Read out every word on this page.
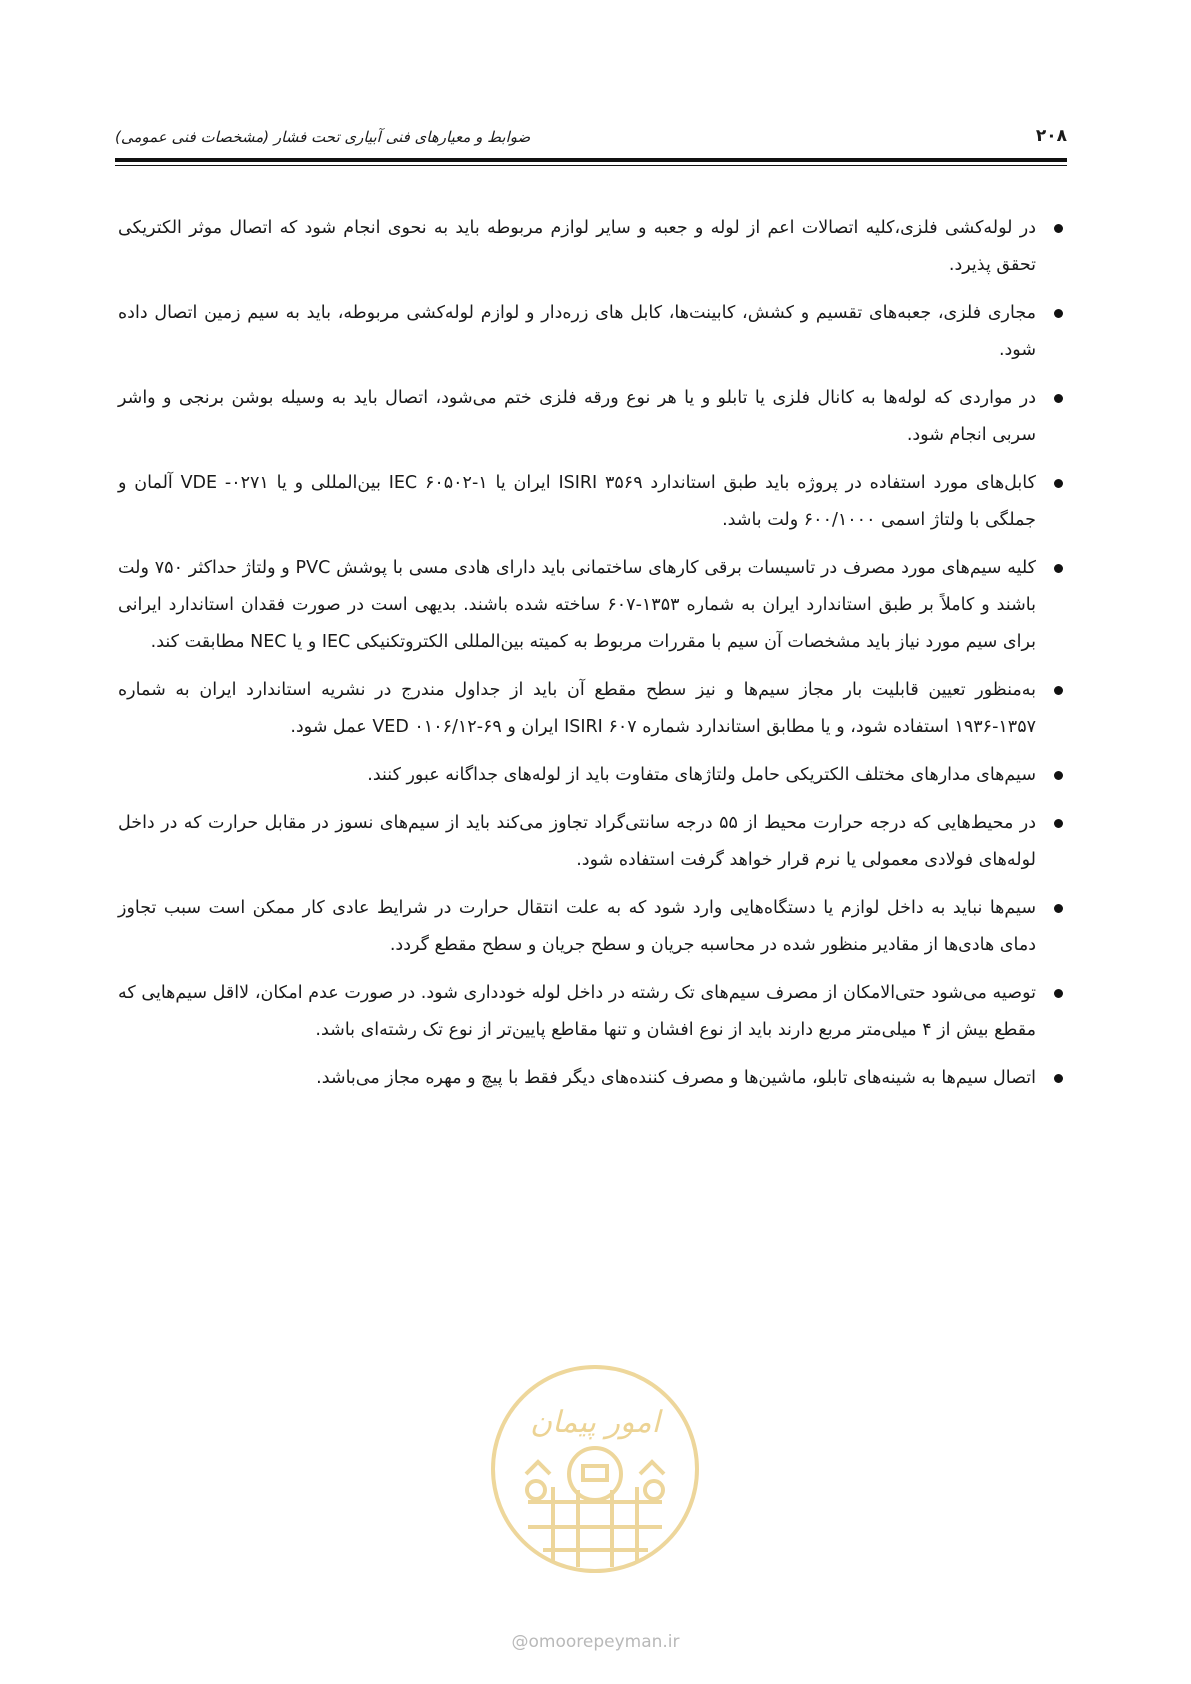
۲۰۸
ضوابط و معیارهای فنی آبیاری تحت فشار (مشخصات فنی عمومی)
در لوله‌کشی فلزی،کلیه اتصالات اعم از لوله و جعبه و سایر لوازم مربوطه باید به نحوی انجام شود که اتصال موثر الکتریکی تحقق پذیرد.
مجاری فلزی، جعبه‌های تقسیم و کشش، کابینت‌ها، کابل های زره‌دار و لوازم لوله‌کشی مربوطه، باید به سیم زمین اتصال داده شود.
در مواردی که لوله‌ها به کانال فلزی یا تابلو و یا هر نوع ورقه فلزی ختم می‌شود، اتصال باید به وسیله بوشن برنجی و واشر سربی انجام شود.
کابل‌های مورد استفاده در پروژه باید طبق استاندارد ISIRI ۳۵۶۹ ایران یا ۱-۶۰۵۰۲ IEC بین‌المللی و یا ۰۲۷۱- VDE آلمان و جملگی با ولتاژ اسمی ۶۰۰/۱۰۰۰ ولت باشد.
کلیه سیم‌های مورد مصرف در تاسیسات برقی کارهای ساختمانی باید دارای هادی مسی با پوشش PVC و ولتاژ حداکثر ۷۵۰ ولت باشند و کاملاً بر طبق استاندارد ایران به شماره ۱۳۵۳-۶۰۷ ساخته شده باشند. بدیهی است در صورت فقدان استاندارد ایرانی برای سیم مورد نیاز باید مشخصات آن سیم با مقررات مربوط به کمیته بین‌المللی الکتروتکنیکی IEC و یا NEC مطابقت کند.
به‌منظور تعیین قابلیت بار مجاز سیم‌ها و نیز سطح مقطع آن باید از جداول مندرج در نشریه استاندارد ایران به شماره ۱۳۵۷-۱۹۳۶ استفاده شود، و یا مطابق استاندارد شماره ۶۰۷ ISIRI ایران و ۶۹-۰۱۰۶/۱۲ VED عمل شود.
سیم‌های مدارهای مختلف الکتریکی حامل ولتاژهای متفاوت باید از لوله‌های جداگانه عبور کنند.
در محیط‌هایی که درجه حرارت محیط از ۵۵ درجه سانتی‌گراد تجاوز می‌کند باید از سیم‌های نسوز در مقابل حرارت که در داخل لوله‌های فولادی معمولی یا نرم قرار خواهد گرفت استفاده شود.
سیم‌ها نباید به داخل لوازم یا دستگاه‌هایی وارد شود که به علت انتقال حرارت در شرایط عادی کار ممکن است سبب تجاوز دمای هادی‌ها از مقادیر منظور شده در محاسبه جریان و سطح جریان و سطح مقطع گردد.
توصیه می‌شود حتی‌الامکان از مصرف سیم‌های تک رشته در داخل لوله خودداری شود. در صورت عدم امکان، لااقل سیم‌هایی که مقطع بیش از ۴ میلی‌متر مربع دارند باید از نوع افشان و تنها مقاطع پایین‌تر از نوع تک رشته‌ای باشد.
اتصال سیم‌ها به شینه‌های تابلو، ماشین‌ها و مصرف کننده‌های دیگر فقط با پیچ و مهره مجاز می‌باشد.
امور پیمان
@omoorepeyman.ir
